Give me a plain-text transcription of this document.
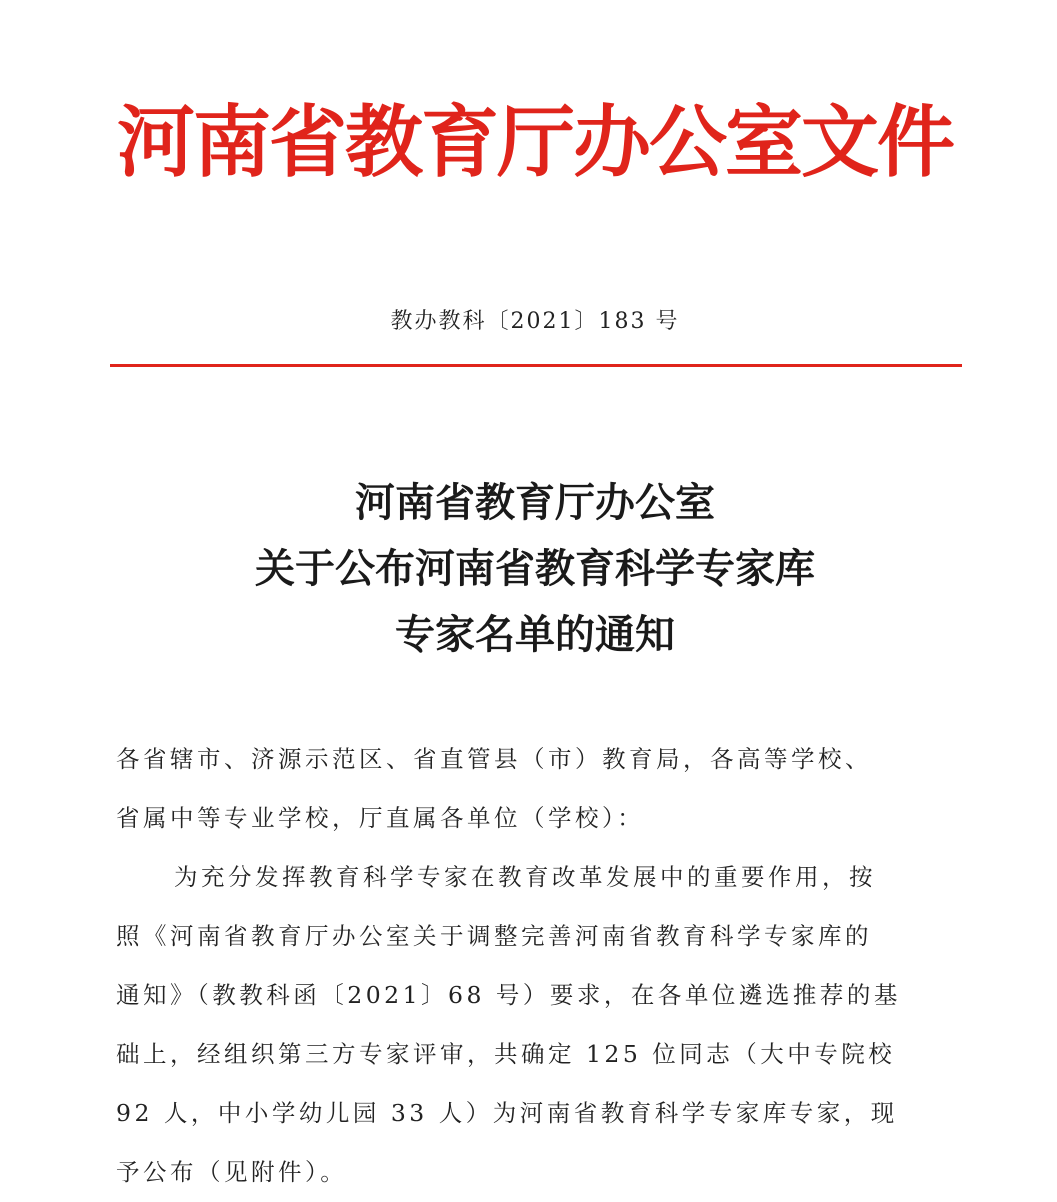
河南省教育厅办公室文件
教办教科〔2021〕183 号
河南省教育厅办公室
关于公布河南省教育科学专家库
专家名单的通知
各省辖市、济源示范区、省直管县（市）教育局，各高等学校、
省属中等专业学校，厅直属各单位（学校）：
为充分发挥教育科学专家在教育改革发展中的重要作用，按
照《河南省教育厅办公室关于调整完善河南省教育科学专家库的
通知》（教教科函〔2021〕68 号）要求，在各单位遴选推荐的基
础上，经组织第三方专家评审，共确定 125 位同志（大中专院校
92 人，中小学幼儿园 33 人）为河南省教育科学专家库专家，现
予公布（见附件）。
